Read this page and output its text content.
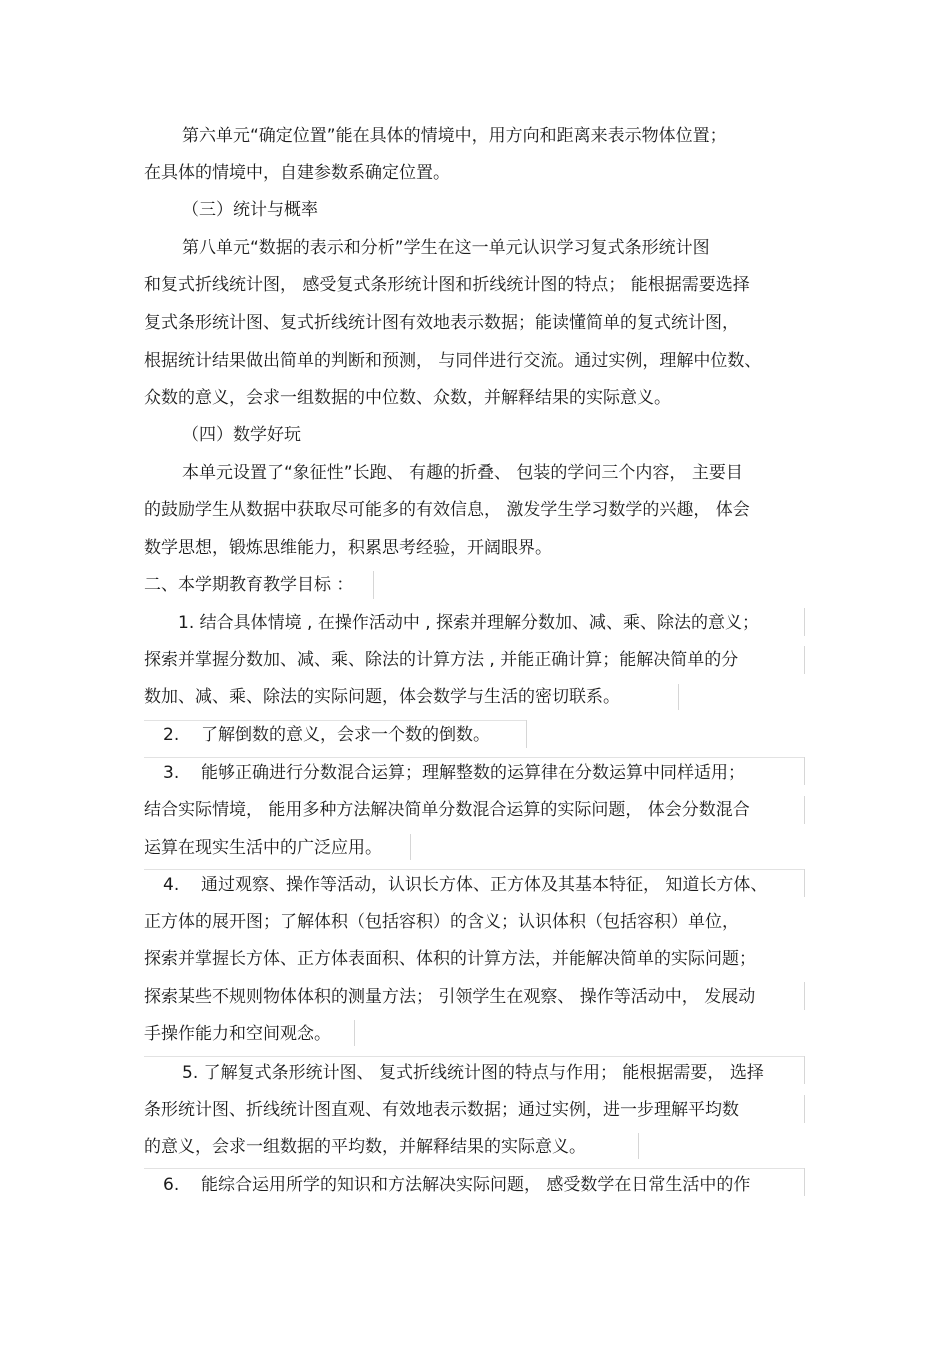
第六单元“确定位置”能在具体的情境中，用方向和距离来表示物体位置；
在具体的情境中，自建参数系确定位置。
（三）统计与概率
第八单元“数据的表示和分析”学生在这一单元认识学习复式条形统计图
和复式折线统计图， 感受复式条形统计图和折线统计图的特点； 能根据需要选择
复式条形统计图、复式折线统计图有效地表示数据；能读懂简单的复式统计图，
根据统计结果做出简单的判断和预测， 与同伴进行交流。通过实例，理解中位数、
众数的意义，会求一组数据的中位数、众数，并解释结果的实际意义。
（四）数学好玩
本单元设置了“象征性”长跑、 有趣的折叠、 包装的学问三个内容， 主要目
的鼓励学生从数据中获取尽可能多的有效信息， 激发学生学习数学的兴趣， 体会
数学思想，锻炼思维能力，积累思考经验，开阔眼界。
二、本学期教育教学目标 ：
1. 结合具体情境 , 在操作活动中 , 探索并理解分数加、减、乘、除法的意义；
探索并掌握分数加、减、乘、除法的计算方法 , 并能正确计算；能解决简单的分
数加、减、乘、除法的实际问题，体会数学与生活的密切联系。
2. 了解倒数的意义，会求一个数的倒数。
3. 能够正确进行分数混合运算；理解整数的运算律在分数运算中同样适用；
结合实际情境， 能用多种方法解决简单分数混合运算的实际问题， 体会分数混合
运算在现实生活中的广泛应用。
4. 通过观察、操作等活动，认识长方体、正方体及其基本特征， 知道长方体、
正方体的展开图；了解体积（包括容积）的含义；认识体积（包括容积）单位，
探索并掌握长方体、正方体表面积、体积的计算方法，并能解决简单的实际问题；
探索某些不规则物体体积的测量方法； 引领学生在观察、 操作等活动中， 发展动
手操作能力和空间观念。
5. 了解复式条形统计图、 复式折线统计图的特点与作用； 能根据需要， 选择
条形统计图、折线统计图直观、有效地表示数据；通过实例，进一步理解平均数
的意义，会求一组数据的平均数，并解释结果的实际意义。
6. 能综合运用所学的知识和方法解决实际问题， 感受数学在日常生活中的作
